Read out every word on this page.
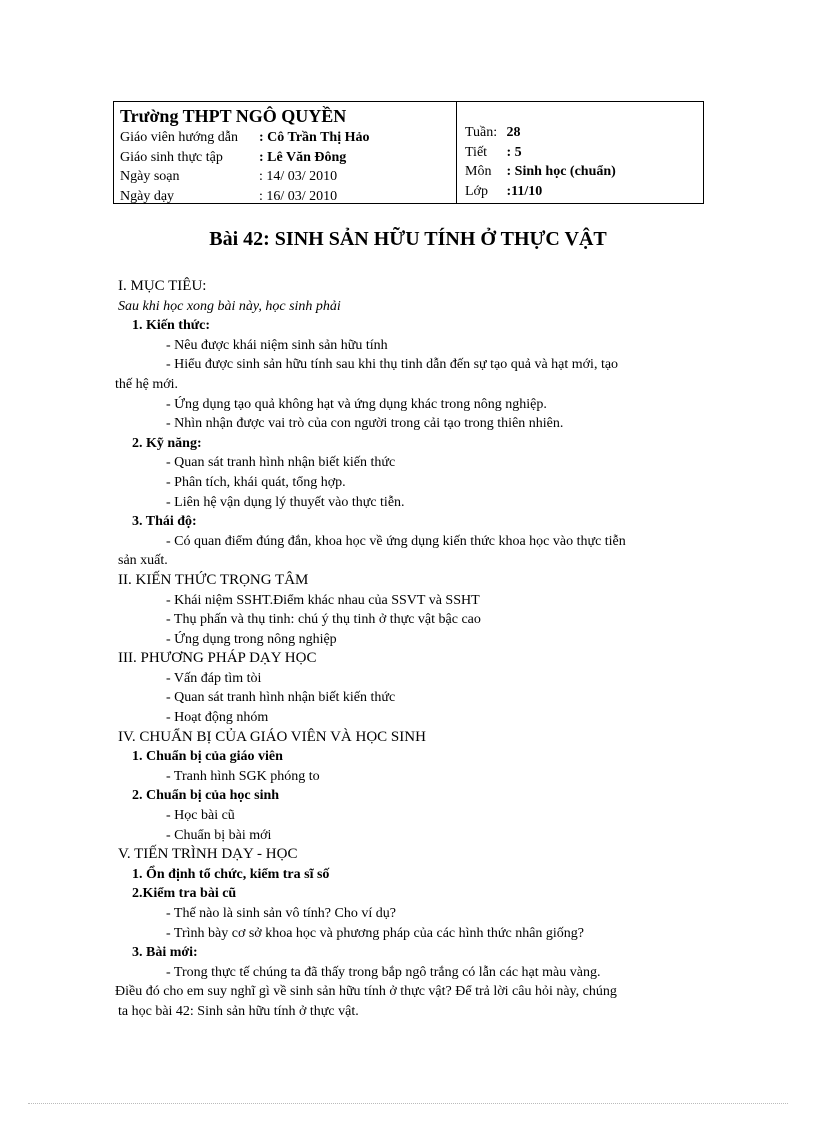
Trường THPT NGÔ QUYỀN
Giáo viên hướng dẫn	: Cô Trần Thị Hảo
Giáo sinh thực tập	: Lê Văn Đông
Ngày soạn	: 14/ 03/ 2010
Ngày dạy	: 16/ 03/ 2010
Tuần: 28
Tiết : 5
Môn : Sinh học (chuẩn)
Lớp :11/10
Bài 42: SINH SẢN HỮU TÍNH Ở THỰC VẬT
I. MỤC TIÊU:
Sau khi học xong bài này, học sinh phải
1. Kiến thức:
- Nêu được khái niệm sinh sản hữu tính
- Hiểu được sinh sản hữu tính sau khi thụ tinh dẫn đến sự tạo quả và hạt mới, tạo
thế hệ mới.
- Ứng dụng tạo quả không hạt và ứng dụng khác trong nông nghiệp.
- Nhìn nhận được vai trò của con người trong cải tạo trong thiên nhiên.
2. Kỹ năng:
- Quan sát tranh hình nhận biết kiến thức
- Phân tích, khái quát, tổng hợp.
- Liên hệ vận dụng lý thuyết vào thực tiễn.
3. Thái độ:
- Có quan điểm đúng đắn, khoa học về ứng dụng kiến thức khoa học vào thực tiễn
sản xuất.
II. KIẾN THỨC TRỌNG TÂM
- Khái niệm SSHT.Điểm khác nhau của SSVT và SSHT
- Thụ phấn và thụ tinh: chú ý thụ tinh ở thực vật bậc cao
- Ứng dụng trong nông nghiệp
III. PHƯƠNG PHÁP DẠY HỌC
- Vấn đáp tìm tòi
- Quan sát tranh hình nhận biết kiến thức
- Hoạt động nhóm
IV. CHUẨN BỊ CỦA GIÁO VIÊN VÀ HỌC SINH
1. Chuẩn bị của giáo viên
- Tranh hình SGK phóng to
2. Chuẩn bị của học sinh
- Học bài cũ
- Chuẩn bị bài mới
V. TIẾN TRÌNH DẠY - HỌC
1. Ổn định tổ chức, kiểm tra sĩ số
2.Kiểm tra bài cũ
- Thế nào là sinh sản vô tính? Cho ví dụ?
- Trình bày cơ sở khoa học và phương pháp của các hình thức nhân giống?
3. Bài mới:
- Trong thực tế chúng ta đã thấy trong bắp ngô trắng có lẫn các hạt màu vàng.
Điều đó cho em suy nghĩ gì về sinh sản hữu tính ở thực vật? Để trả lời câu hỏi này, chúng
ta học bài 42: Sinh sản hữu tính ở thực vật.
